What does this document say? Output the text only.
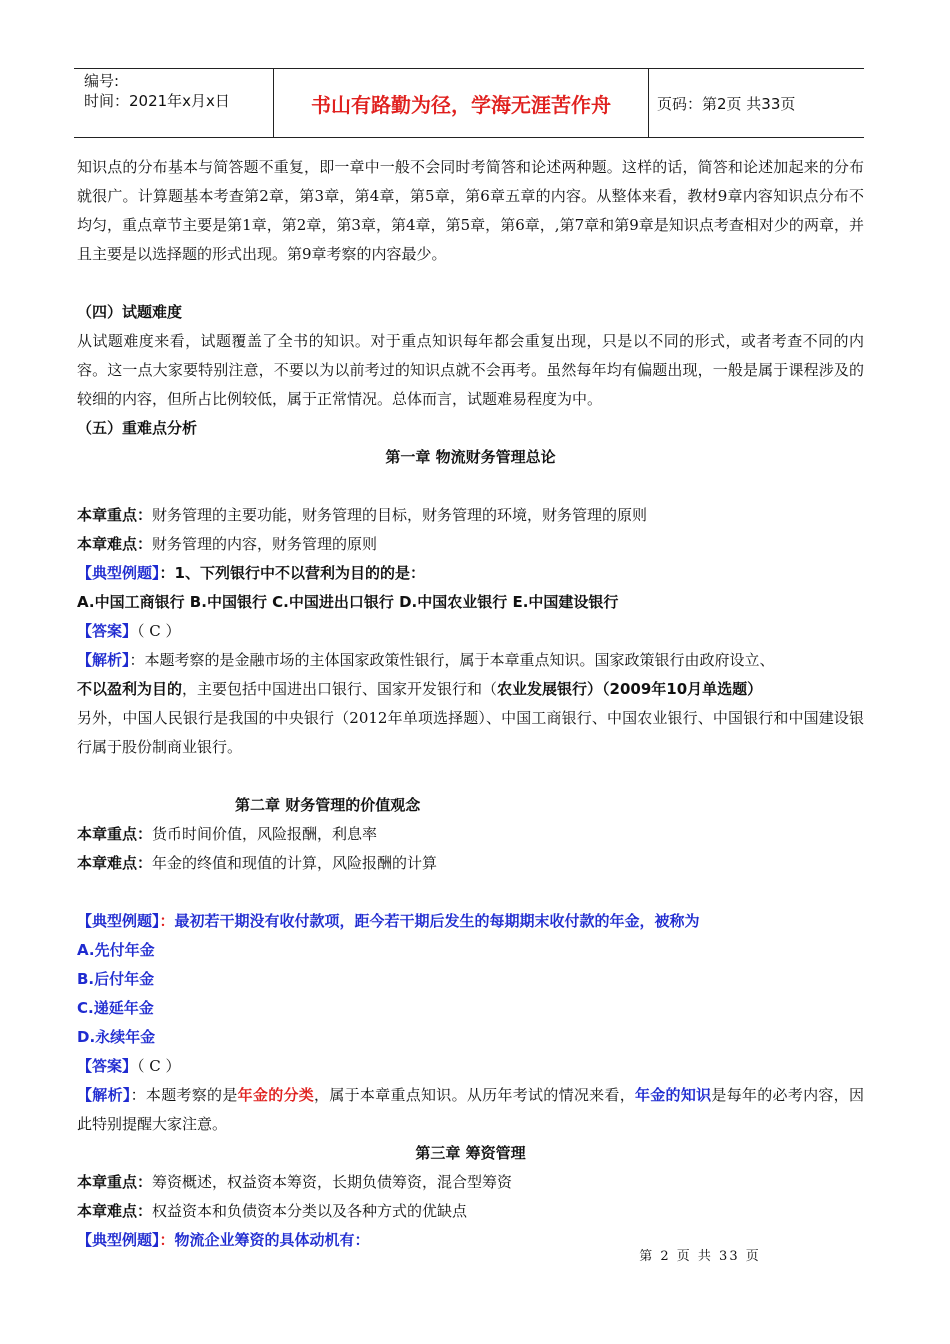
编号:
时间：2021年x月x日	书山有路勤为径，学海无涯苦作舟	页码：第2页 共33页

知识点的分布基本与简答题不重复，即一章中一般不会同时考简答和论述两种题。这样的话，简答和论述加起来的分布就很广。计算题基本考查第2章，第3章，第4章，第5章，第6章五章的内容。从整体来看，教材9章内容知识点分布不均匀，重点章节主要是第1章，第2章，第3章，第4章，第5章，第6章，,第7章和第9章是知识点考查相对少的两章，并且主要是以选择题的形式出现。第9章考察的内容最少。

（四）试题难度

从试题难度来看，试题覆盖了全书的知识。对于重点知识每年都会重复出现，只是以不同的形式，或者考查不同的内容。这一点大家要特别注意，不要以为以前考过的知识点就不会再考。虽然每年均有偏题出现，一般是属于课程涉及的较细的内容，但所占比例较低，属于正常情况。总体而言，试题难易程度为中。

（五）重难点分析

第一章 物流财务管理总论

本章重点：财务管理的主要功能，财务管理的目标，财务管理的环境，财务管理的原则

本章难点：财务管理的内容，财务管理的原则

【典型例题】：1、下列银行中不以营利为目的的是：

A.中国工商银行 B.中国银行 C.中国进出口银行 D.中国农业银行 E.中国建设银行

【答案】（ C ）

【解析】：本题考察的是金融市场的主体国家政策性银行，属于本章重点知识。国家政策银行由政府设立、

不以盈利为目的，主要包括中国进出口银行、国家开发银行和（农业发展银行）（2009年10月单选题）

另外，中国人民银行是我国的中央银行（2012年单项选择题）、中国工商银行、中国农业银行、中国银行和中国建设银行属于股份制商业银行。

第二章 财务管理的价值观念

本章重点：货币时间价值，风险报酬，利息率

本章难点：年金的终值和现值的计算，风险报酬的计算

【典型例题】：最初若干期没有收付款项，距今若干期后发生的每期期末收付款的年金，被称为

A.先付年金

B.后付年金

C.递延年金

D.永续年金

【答案】（ C ）

【解析】：本题考察的是年金的分类，属于本章重点知识。从历年考试的情况来看，年金的知识是每年的必考内容，因此特别提醒大家注意。

第三章 筹资管理

本章重点：筹资概述，权益资本筹资，长期负债筹资，混合型筹资

本章难点：权益资本和负债资本分类以及各种方式的优缺点

【典型例题】：物流企业筹资的具体动机有：

第 2 页 共 33 页
